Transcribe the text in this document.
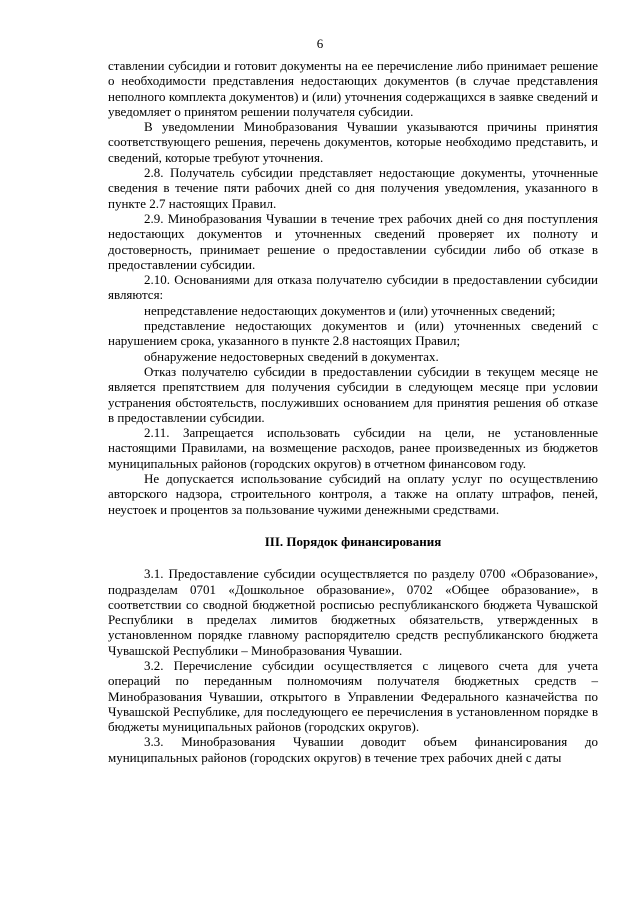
6

ставлении субсидии и готовит документы на ее перечисление либо принимает решение о необходимости представления недостающих документов (в случае представления неполного комплекта документов) и (или) уточнения содержащихся в заявке сведений и уведомляет о принятом решении получателя субсидии.

В уведомлении Минобразования Чувашии указываются причины принятия соответствующего решения, перечень документов, которые необходимо представить, и сведений, которые требуют уточнения.

2.8. Получатель субсидии представляет недостающие документы, уточненные сведения в течение пяти рабочих дней со дня получения уведомления, указанного в пункте 2.7 настоящих Правил.

2.9. Минобразования Чувашии в течение трех рабочих дней со дня поступления недостающих документов и уточненных сведений проверяет их полноту и достоверность, принимает решение о предоставлении субсидии либо об отказе в предоставлении субсидии.

2.10. Основаниями для отказа получателю субсидии в предоставлении субсидии являются:

непредставление недостающих документов и (или) уточненных сведений;

представление недостающих документов и (или) уточненных сведений с нарушением срока, указанного в пункте 2.8 настоящих Правил;

обнаружение недостоверных сведений в документах.

Отказ получателю субсидии в предоставлении субсидии в текущем месяце не является препятствием для получения субсидии в следующем месяце при условии устранения обстоятельств, послуживших основанием для принятия решения об отказе в предоставлении субсидии.

2.11. Запрещается использовать субсидии на цели, не установленные настоящими Правилами, на возмещение расходов, ранее произведенных из бюджетов муниципальных районов (городских округов) в отчетном финансовом году.

Не допускается использование субсидий на оплату услуг по осуществлению авторского надзора, строительного контроля, а также на оплату штрафов, пеней, неустоек и процентов за пользование чужими денежными средствами.

III. Порядок финансирования

3.1. Предоставление субсидии осуществляется по разделу 0700 «Образование», подразделам 0701 «Дошкольное образование», 0702 «Общее образование», в соответствии со сводной бюджетной росписью республиканского бюджета Чувашской Республики в пределах лимитов бюджетных обязательств, утвержденных в установленном порядке главному распорядителю средств республиканского бюджета Чувашской Республики – Минобразования Чувашии.

3.2. Перечисление субсидии осуществляется с лицевого счета для учета операций по переданным полномочиям получателя бюджетных средств – Минобразования Чувашии, открытого в Управлении Федерального казначейства по Чувашской Республике, для последующего ее перечисления в установленном порядке в бюджеты муниципальных районов (городских округов).

3.3. Минобразования Чувашии доводит объем финансирования до муниципальных районов (городских округов) в течение трех рабочих дней с даты
